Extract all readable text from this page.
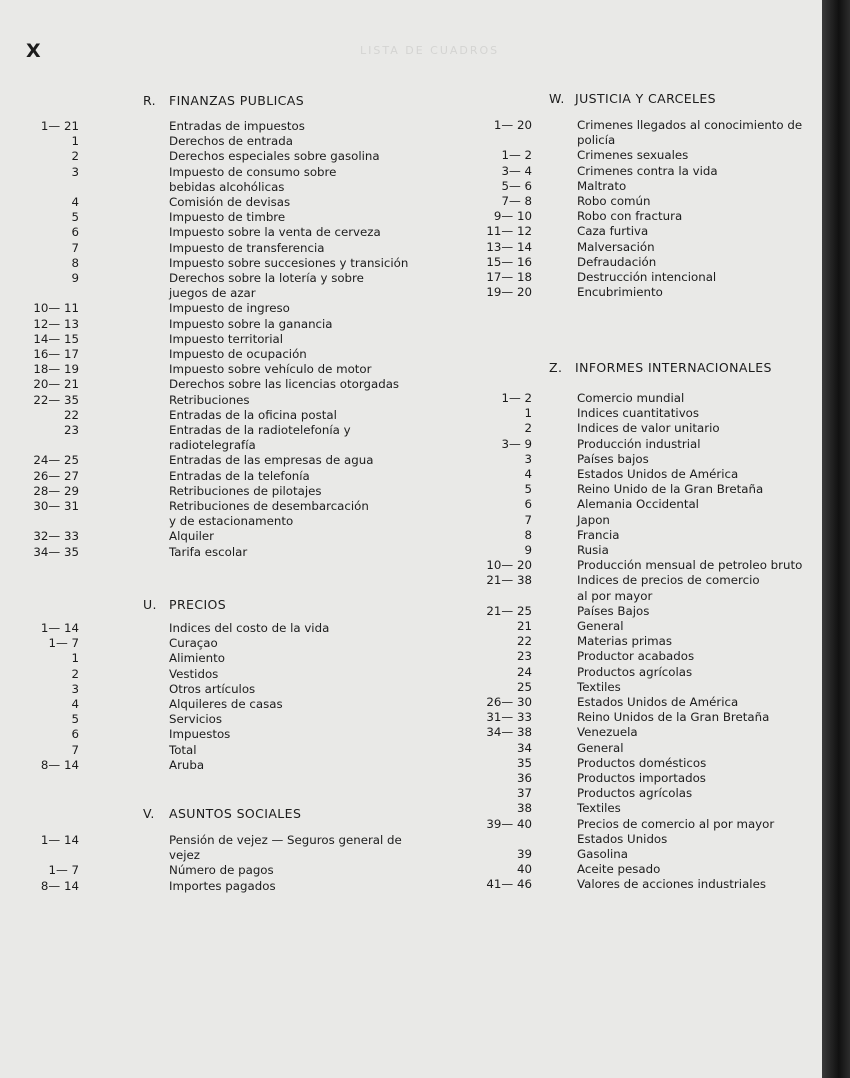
LISTA DE CUADROS
X
R. FINANZAS PUBLICAS
1— 21	Entradas de impuestos
1	Derechos de entrada
2	Derechos especiales sobre gasolina
3	Impuesto de consumo sobre
bebidas alcohólicas
4	Comisión de devisas
5	Impuesto de timbre
6	Impuesto sobre la venta de cerveza
7	Impuesto de transferencia
8	Impuesto sobre succesiones y transición
9	Derechos sobre la lotería y sobre
juegos de azar
10— 11	Impuesto de ingreso
12— 13	Impuesto sobre la ganancia
14— 15	Impuesto territorial
16— 17	Impuesto de ocupación
18— 19	Impuesto sobre vehículo de motor
20— 21	Derechos sobre las licencias otorgadas
22— 35	Retribuciones
22	Entradas de la oficina postal
23	Entradas de la radiotelefonía y
radiotelegrafía
24— 25	Entradas de las empresas de agua
26— 27	Entradas de la telefonía
28— 29	Retribuciones de pilotajes
30— 31	Retribuciones de desembarcación
y de estacionamento
32— 33	Alquiler
34— 35	Tarifa escolar
U. PRECIOS
1— 14	Indices del costo de la vida
1— 7	Curaçao
1	Alimiento
2	Vestidos
3	Otros artículos
4	Alquileres de casas
5	Servicios
6	Impuestos
7	Total
8— 14	Aruba
V. ASUNTOS SOCIALES
1— 14	Pensión de vejez — Seguros general de
vejez
1— 7	Número de pagos
8— 14	Importes pagados
W. JUSTICIA Y CARCELES
1— 20	Crimenes llegados al conocimiento de
policía
1— 2	Crimenes sexuales
3— 4	Crimenes contra la vida
5— 6	Maltrato
7— 8	Robo común
9— 10	Robo con fractura
11— 12	Caza furtiva
13— 14	Malversación
15— 16	Defraudación
17— 18	Destrucción intencional
19— 20	Encubrimiento
Z. INFORMES INTERNACIONALES
1— 2	Comercio mundial
1	Indices cuantitativos
2	Indices de valor unitario
3— 9	Producción industrial
3	Países bajos
4	Estados Unidos de América
5	Reino Unido de la Gran Bretaña
6	Alemania Occidental
7	Japon
8	Francia
9	Rusia
10— 20	Producción mensual de petroleo bruto
21— 38	Indices de precios de comercio
al por mayor
21— 25	Países Bajos
21	General
22	Materias primas
23	Productor acabados
24	Productos agrícolas
25	Textiles
26— 30	Estados Unidos de América
31— 33	Reino Unidos de la Gran Bretaña
34— 38	Venezuela
34	General
35	Productos domésticos
36	Productos importados
37	Productos agrícolas
38	Textiles
39— 40	Precios de comercio al por mayor
Estados Unidos
39	Gasolina
40	Aceite pesado
41— 46	Valores de acciones industriales
